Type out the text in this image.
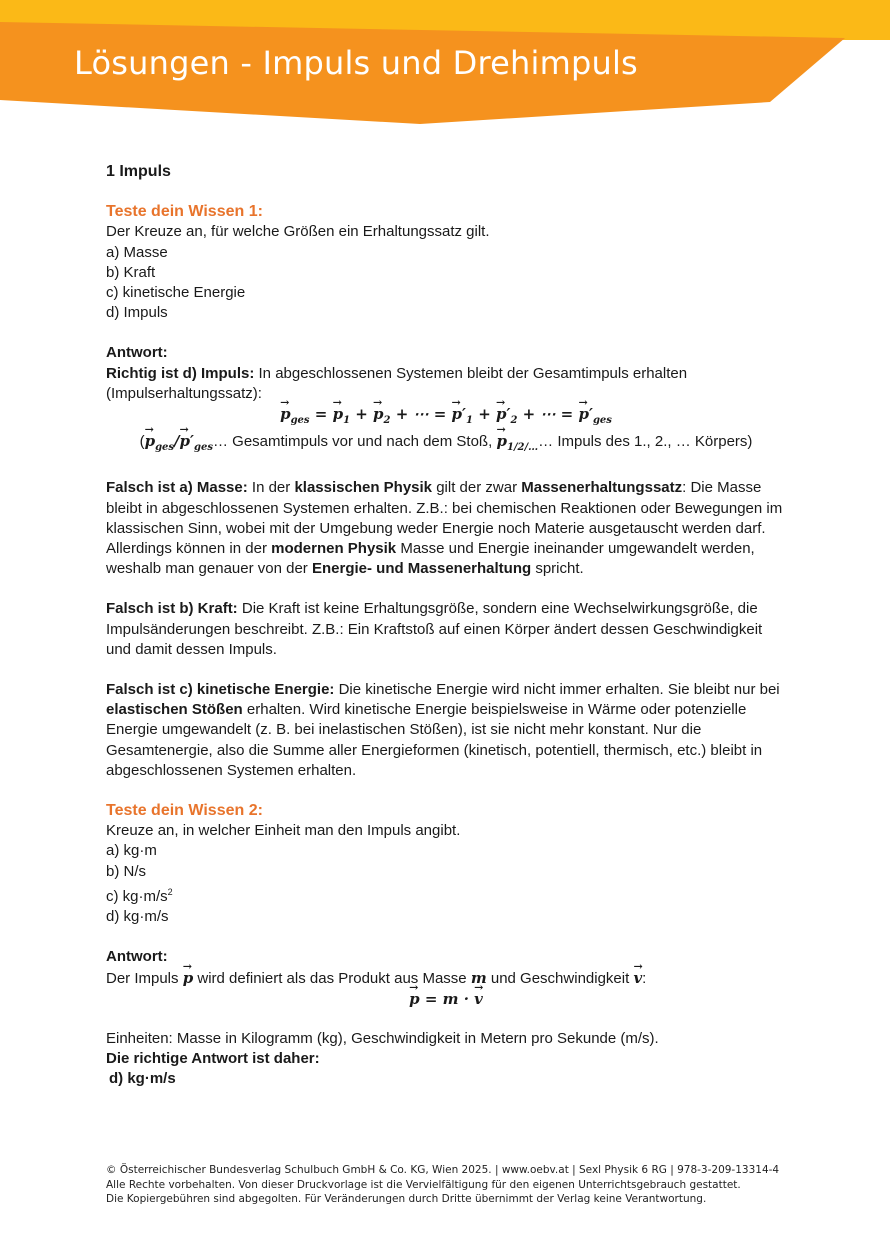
Lösungen - Impuls und Drehimpuls
1 Impuls
Teste dein Wissen 1:
Der Kreuze an, für welche Größen ein Erhaltungssatz gilt.
a) Masse
b) Kraft
c) kinetische Energie
d) Impuls
Antwort:
Richtig ist d) Impuls: In abgeschlossenen Systemen bleibt der Gesamtimpuls erhalten (Impulserhaltungssatz):
→ $p_{ges}$ = → $p_1$ + → $p_2$ + ⋯ = → $p'_1$ + → $p'_2$ + ⋯ = → $p'_{ges}$
(→ $p_{ges}/\to$ $p'_{ges}\dots$ Gesamtimpuls vor und nach dem Stoß, → $p_{1/2/\dots}\dots$ Impuls des 1., 2., … Körpers)
Falsch ist a) Masse: In der klassischen Physik gilt der zwar Massenerhaltungssatz: Die Masse bleibt in abgeschlossenen Systemen erhalten. Z.B.: bei chemischen Reaktionen oder Bewegungen im klassischen Sinn, wobei mit der Umgebung weder Energie noch Materie ausgetauscht werden darf. Allerdings können in der modernen Physik Masse und Energie ineinander umgewandelt werden, weshalb man genauer von der Energie- und Massenerhaltung spricht.
Falsch ist b) Kraft: Die Kraft ist keine Erhaltungsgröße, sondern eine Wechselwirkungsgröße, die Impulsänderungen beschreibt. Z.B.: Ein Kraftstoß auf einen Körper ändert dessen Geschwindigkeit und damit dessen Impuls.
Falsch ist c) kinetische Energie: Die kinetische Energie wird nicht immer erhalten. Sie bleibt nur bei elastischen Stößen erhalten. Wird kinetische Energie beispielsweise in Wärme oder potenzielle Energie umgewandelt (z. B. bei inelastischen Stößen), ist sie nicht mehr konstant. Nur die Gesamtenergie, also die Summe aller Energieformen (kinetisch, potentiell, thermisch, etc.) bleibt in abgeschlossenen Systemen erhalten.
Teste dein Wissen 2:
Kreuze an, in welcher Einheit man den Impuls angibt.
a) kg·m
b) N/s
c) $kg\cdot m/s^2$
d) kg·m/s
Antwort:
Der Impuls → p wird definiert als das Produkt aus Masse m und Geschwindigkeit → v:
→ p = m · → v
Einheiten: Masse in Kilogramm (kg), Geschwindigkeit in Metern pro Sekunde (m/s).
Die richtige Antwort ist daher:
d) kg·m/s
© Österreichischer Bundesverlag Schulbuch GmbH & Co. KG, Wien 2025. | www.oebv.at | Sexl Physik 6 RG | 978-3-209-13314-4
Alle Rechte vorbehalten. Von dieser Druckvorlage ist die Vervielfältigung für den eigenen Unterrichtsgebrauch gestattet.
Die Kopiergebühren sind abgegolten. Für Veränderungen durch Dritte übernimmt der Verlag keine Verantwortung.
